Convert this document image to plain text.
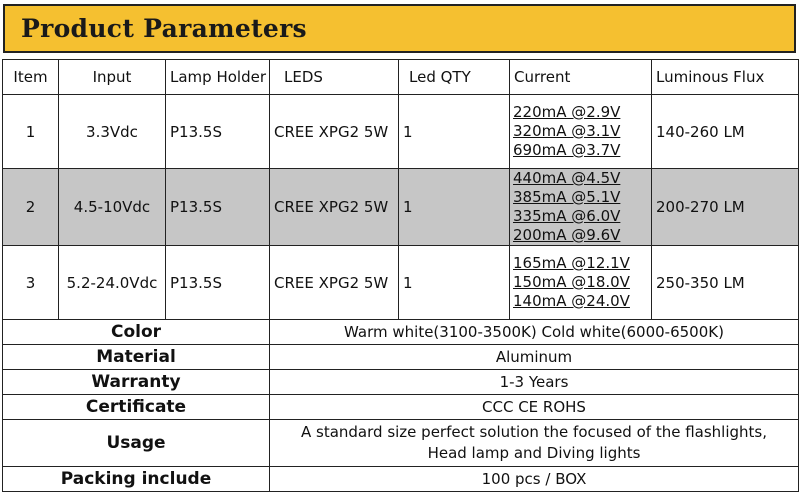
Product Parameters
Item	Input	Lamp Holder	LEDS	Led QTY	Current	Luminous Flux
1	3.3Vdc	P13.5S	CREE XPG2 5W	1	220mA @2.9V
320mA @3.1V
690mA @3.7V	140-260 LM
2	4.5-10Vdc	P13.5S	CREE XPG2 5W	1	440mA @4.5V
385mA @5.1V
335mA @6.0V
200mA @9.6V	200-270 LM
3	5.2-24.0Vdc	P13.5S	CREE XPG2 5W	1	165mA @12.1V
150mA @18.0V
140mA @24.0V	250-350 LM
Color			Warm white(3100-3500K) Cold white(6000-6500K)			
Material			Aluminum			
Warranty			1-3 Years			
Certificate			CCC CE ROHS			
Usage			A standard size perfect solution the focused of the flashlights,
Head lamp and Diving lights			

Packing include			100 pcs / BOX			
